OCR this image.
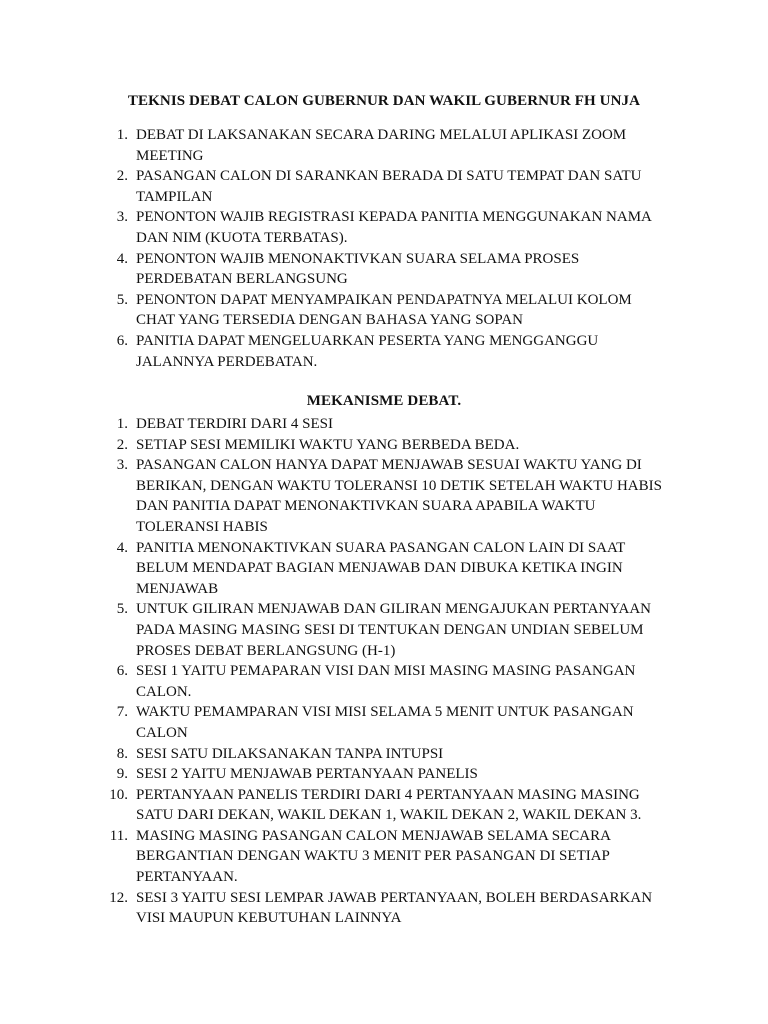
TEKNIS DEBAT CALON GUBERNUR DAN WAKIL GUBERNUR FH UNJA
1. DEBAT DI LAKSANAKAN SECARA DARING MELALUI APLIKASI ZOOM
MEETING
2. PASANGAN CALON DI SARANKAN BERADA DI SATU TEMPAT DAN SATU
TAMPILAN
3. PENONTON WAJIB REGISTRASI KEPADA PANITIA MENGGUNAKAN NAMA
DAN NIM (KUOTA TERBATAS).
4. PENONTON WAJIB MENONAKTIVKAN SUARA SELAMA PROSES
PERDEBATAN BERLANGSUNG
5. PENONTON DAPAT MENYAMPAIKAN PENDAPATNYA MELALUI KOLOM
CHAT YANG TERSEDIA DENGAN BAHASA YANG SOPAN
6. PANITIA DAPAT MENGELUARKAN PESERTA YANG MENGGANGGU
JALANNYA PERDEBATAN.
MEKANISME DEBAT.
1. DEBAT TERDIRI DARI 4 SESI
2. SETIAP SESI MEMILIKI WAKTU YANG BERBEDA BEDA.
3. PASANGAN CALON HANYA DAPAT MENJAWAB SESUAI WAKTU YANG DI
BERIKAN, DENGAN WAKTU TOLERANSI 10 DETIK SETELAH WAKTU HABIS
DAN PANITIA DAPAT MENONAKTIVKAN SUARA APABILA WAKTU
TOLERANSI HABIS
4. PANITIA MENONAKTIVKAN SUARA PASANGAN CALON LAIN DI SAAT
BELUM MENDAPAT BAGIAN MENJAWAB DAN DIBUKA KETIKA INGIN
MENJAWAB
5. UNTUK GILIRAN MENJAWAB DAN GILIRAN MENGAJUKAN PERTANYAAN
PADA MASING MASING SESI DI TENTUKAN DENGAN UNDIAN SEBELUM
PROSES DEBAT BERLANGSUNG (H-1)
6. SESI 1 YAITU PEMAPARAN VISI DAN MISI MASING MASING PASANGAN
CALON.
7. WAKTU PEMAMPARAN VISI MISI SELAMA 5 MENIT UNTUK PASANGAN
CALON
8. SESI SATU DILAKSANAKAN TANPA INTUPSI
9. SESI 2 YAITU MENJAWAB PERTANYAAN PANELIS
10. PERTANYAAN PANELIS TERDIRI DARI 4 PERTANYAAN MASING MASING
SATU DARI DEKAN, WAKIL DEKAN 1, WAKIL DEKAN 2, WAKIL DEKAN 3.
11. MASING MASING PASANGAN CALON MENJAWAB SELAMA SECARA
BERGANTIAN DENGAN WAKTU 3 MENIT PER PASANGAN DI SETIAP
PERTANYAAN.
12. SESI 3 YAITU SESI LEMPAR JAWAB PERTANYAAN, BOLEH BERDASARKAN
VISI MAUPUN KEBUTUHAN LAINNYA
